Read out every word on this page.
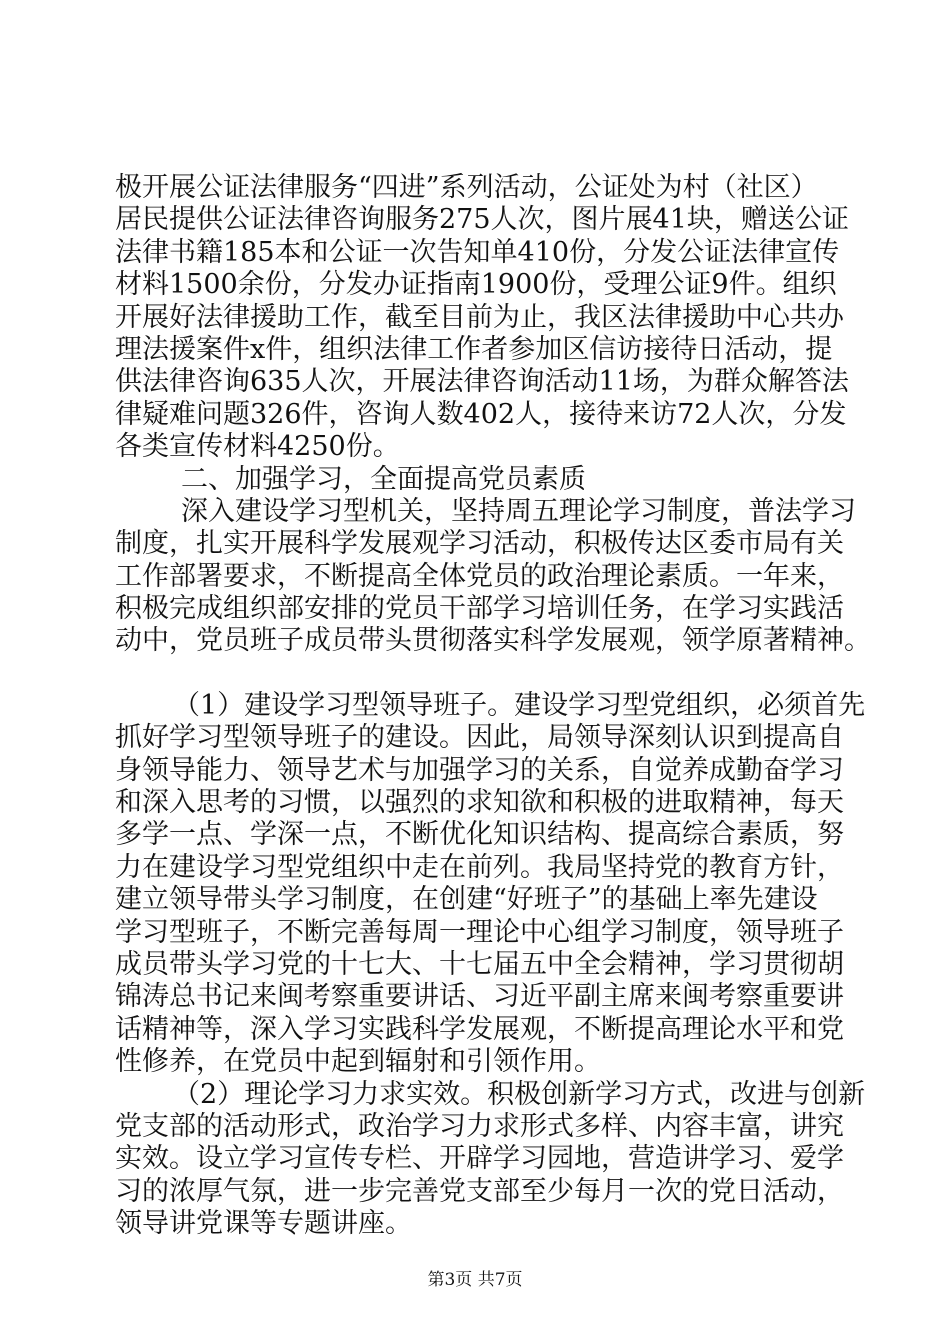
极开展公证法律服务“四进”系列活动，公证处为村（社区）
居民提供公证法律咨询服务275人次，图片展41块，赠送公证
法律书籍185本和公证一次告知单410份，分发公证法律宣传
材料1500余份，分发办证指南1900份，受理公证9件。组织
开展好法律援助工作，截至目前为止，我区法律援助中心共办
理法援案件x件，组织法律工作者参加区信访接待日活动，提
供法律咨询635人次，开展法律咨询活动11场，为群众解答法
律疑难问题326件，咨询人数402人，接待来访72人次，分发
各类宣传材料4250份。
二、加强学习，全面提高党员素质
深入建设学习型机关，坚持周五理论学习制度，普法学习
制度，扎实开展科学发展观学习活动，积极传达区委市局有关
工作部署要求，不断提高全体党员的政治理论素质。一年来，
积极完成组织部安排的党员干部学习培训任务，在学习实践活
动中，党员班子成员带头贯彻落实科学发展观，领学原著精神。
（1）建设学习型领导班子。建设学习型党组织，必须首先
抓好学习型领导班子的建设。因此，局领导深刻认识到提高自
身领导能力、领导艺术与加强学习的关系，自觉养成勤奋学习
和深入思考的习惯，以强烈的求知欲和积极的进取精神，每天
多学一点、学深一点，不断优化知识结构、提高综合素质，努
力在建设学习型党组织中走在前列。我局坚持党的教育方针，
建立领导带头学习制度，在创建“好班子”的基础上率先建设
学习型班子，不断完善每周一理论中心组学习制度，领导班子
成员带头学习党的十七大、十七届五中全会精神，学习贯彻胡
锦涛总书记来闽考察重要讲话、习近平副主席来闽考察重要讲
话精神等，深入学习实践科学发展观，不断提高理论水平和党
性修养，在党员中起到辐射和引领作用。
（2）理论学习力求实效。积极创新学习方式，改进与创新
党支部的活动形式，政治学习力求形式多样、内容丰富，讲究
实效。设立学习宣传专栏、开辟学习园地，营造讲学习、爱学
习的浓厚气氛，进一步完善党支部至少每月一次的党日活动，
领导讲党课等专题讲座。
第3页 共7页
